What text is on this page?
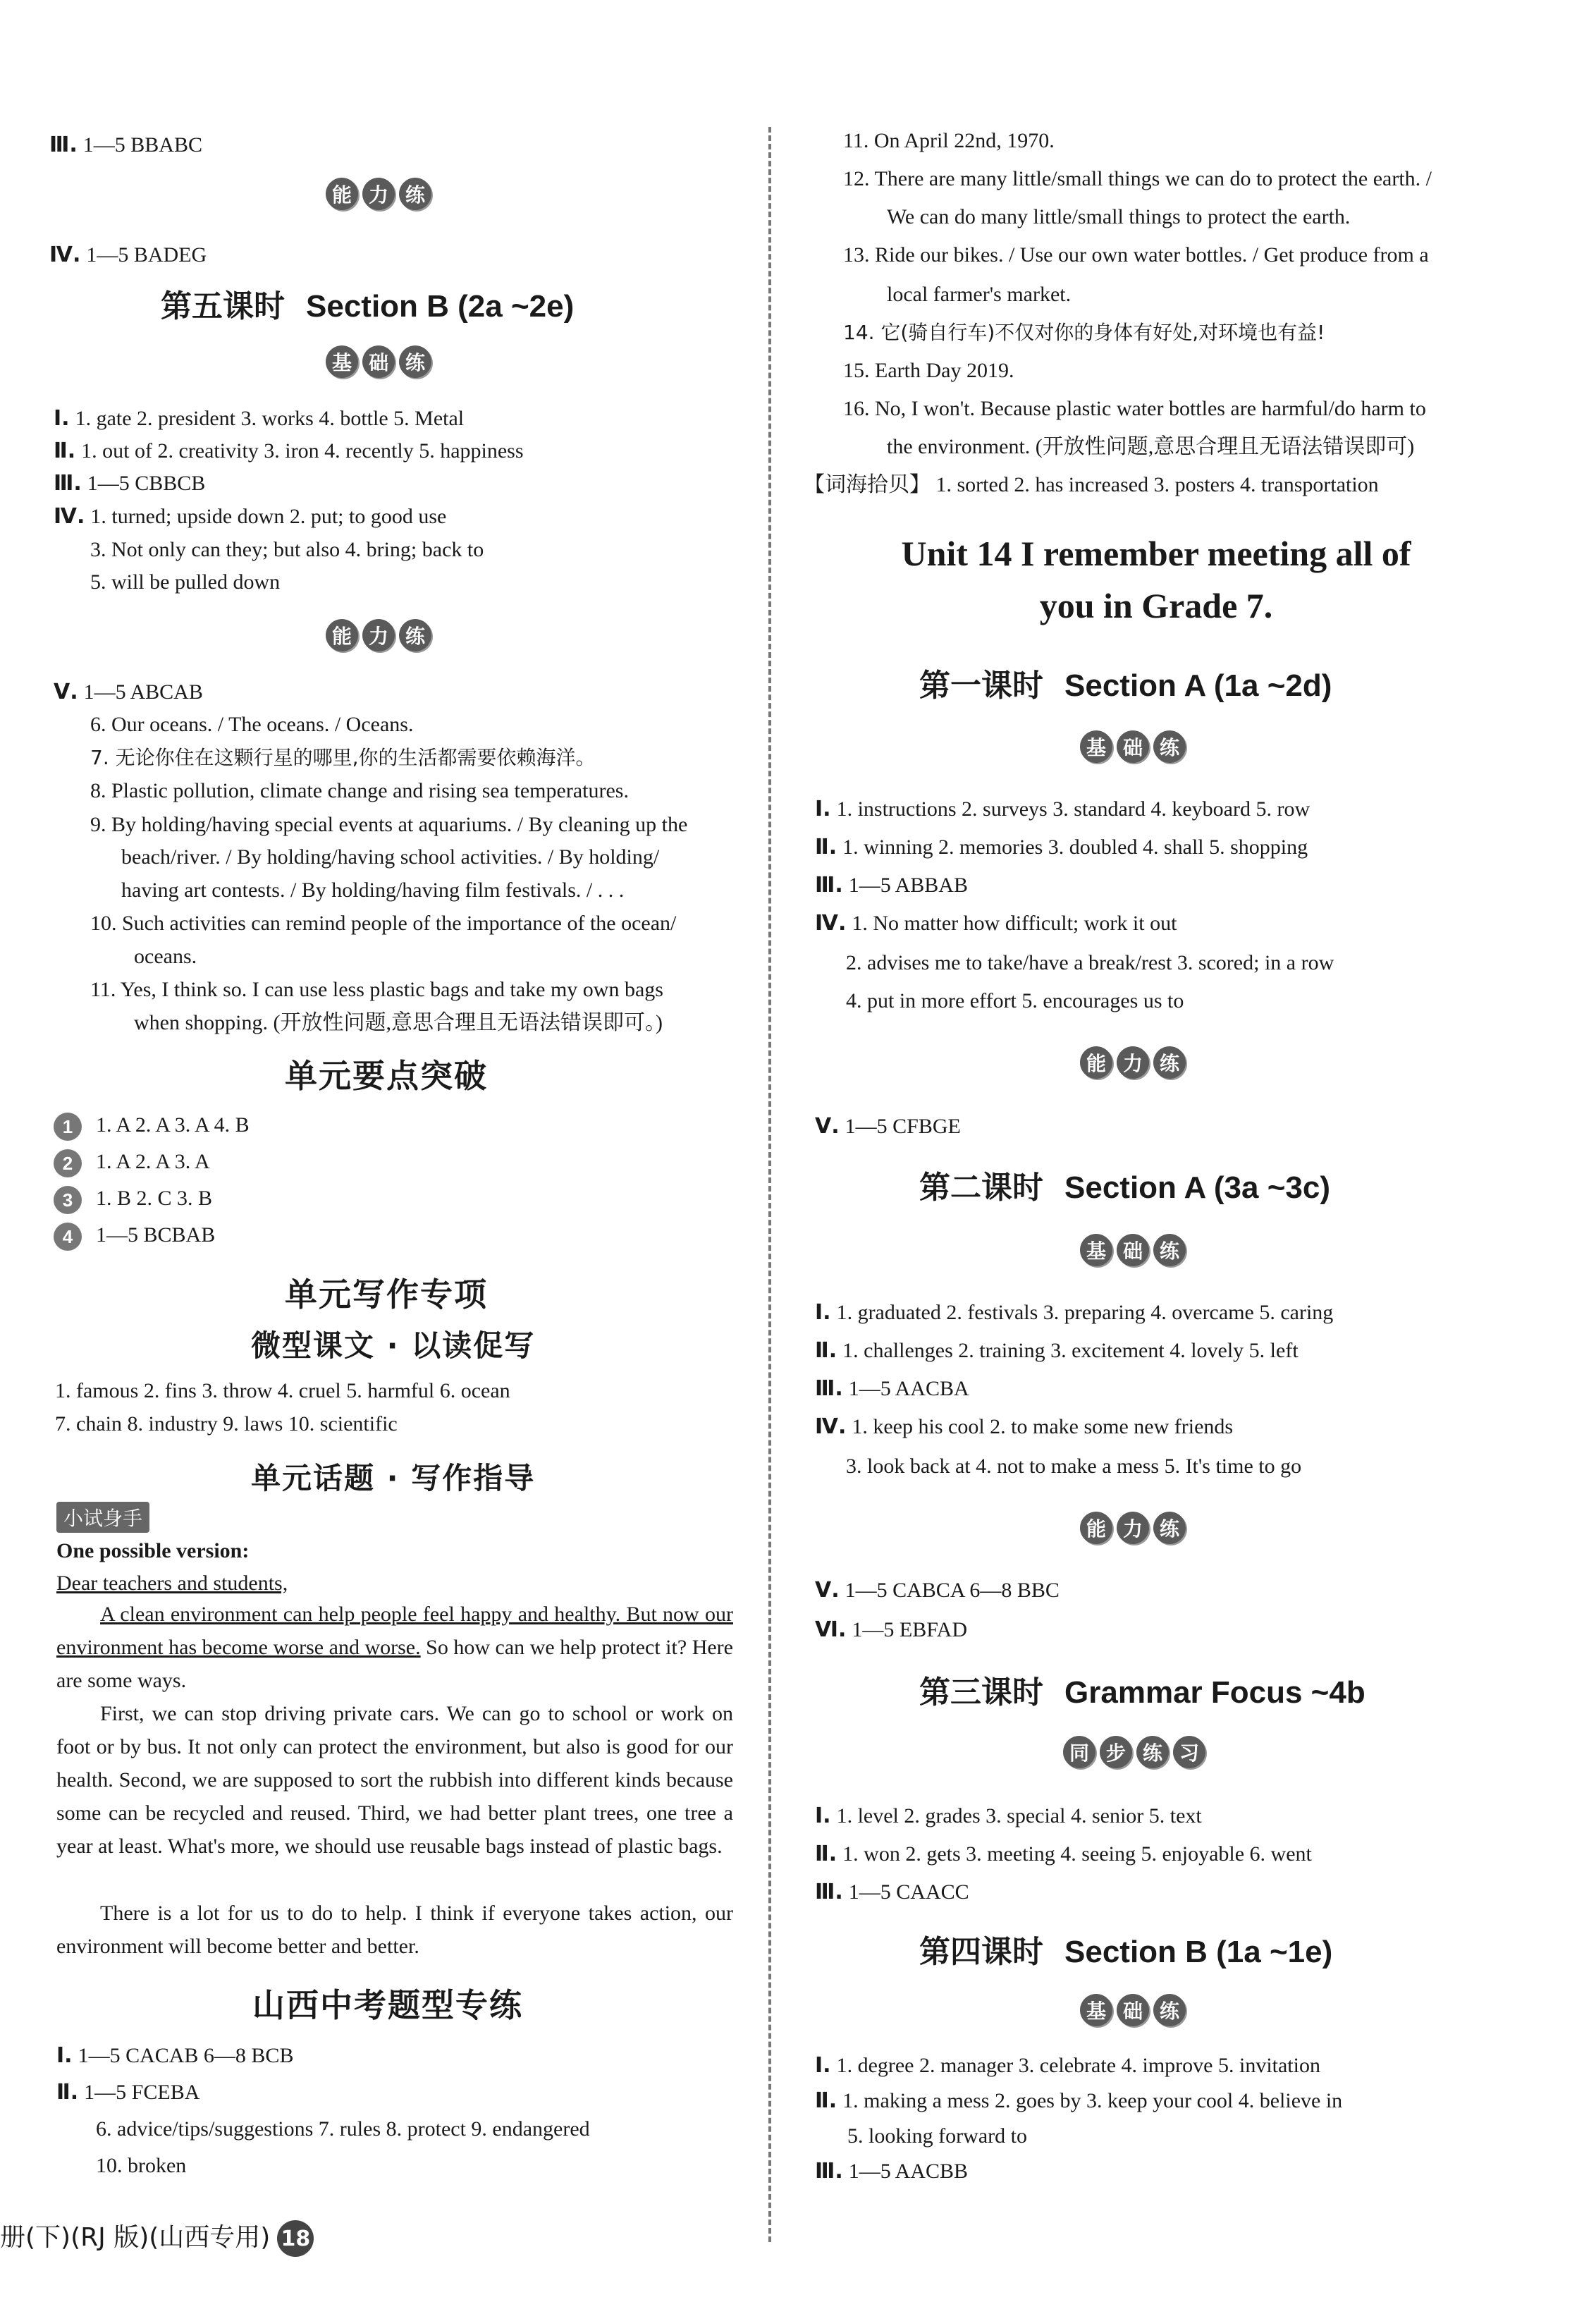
Ⅲ. 1—5 BBABC
能 力 练
Ⅳ. 1—5 BADEG
第五课时 Section B (2a ~2e)
基 础 练
Ⅰ. 1. gate 2. president 3. works 4. bottle 5. Metal
Ⅱ. 1. out of 2. creativity 3. iron 4. recently 5. happiness
Ⅲ. 1—5 CBBCB
Ⅳ. 1. turned; upside down 2. put; to good use
3. Not only can they; but also 4. bring; back to
5. will be pulled down
能 力 练
Ⅴ. 1—5 ABCAB
6. Our oceans. / The oceans. / Oceans.
7. 无论你住在这颗行星的哪里,你的生活都需要依赖海洋。
8. Plastic pollution, climate change and rising sea temperatures.
9. By holding/having special events at aquariums. / By cleaning up the
beach/river. / By holding/having school activities. / By holding/
having art contests. / By holding/having film festivals. / . . .
10. Such activities can remind people of the importance of the ocean/
oceans.
11. Yes, I think so. I can use less plastic bags and take my own bags
when shopping. (开放性问题,意思合理且无语法错误即可。)
单元要点突破
1 1. A 2. A 3. A 4. B
2 1. A 2. A 3. A
3 1. B 2. C 3. B
4 1—5 BCBAB
单元写作专项
微型课文 · 以读促写
1. famous 2. fins 3. throw 4. cruel 5. harmful 6. ocean
7. chain 8. industry 9. laws 10. scientific
单元话题 · 写作指导
小试身手
One possible version:
Dear teachers and students,
A clean environment can help people feel happy and healthy. But now our environment has become worse and worse. So how can we help protect it? Here are some ways.
First, we can stop driving private cars. We can go to school or work on foot or by bus. It not only can protect the environment, but also is good for our health. Second, we are supposed to sort the rubbish into different kinds because some can be recycled and reused. Third, we had better plant trees, one tree a year at least. What's more, we should use reusable bags instead of plastic bags.
There is a lot for us to do to help. I think if everyone takes action, our environment will become better and better.
山西中考题型专练
Ⅰ. 1—5 CACAB 6—8 BCB
Ⅱ. 1—5 FCEBA
6. advice/tips/suggestions 7. rules 8. protect 9. endangered
10. broken
11. On April 22nd, 1970.
12. There are many little/small things we can do to protect the earth. /
We can do many little/small things to protect the earth.
13. Ride our bikes. / Use our own water bottles. / Get produce from a
local farmer's market.
14. 它(骑自行车)不仅对你的身体有好处,对环境也有益!
15. Earth Day 2019.
16. No, I won't. Because plastic water bottles are harmful/do harm to
the environment. (开放性问题,意思合理且无语法错误即可)
【词海拾贝】 1. sorted 2. has increased 3. posters 4. transportation
Unit 14 I remember meeting all of
you in Grade 7.
第一课时 Section A (1a ~2d)
基 础 练
Ⅰ. 1. instructions 2. surveys 3. standard 4. keyboard 5. row
Ⅱ. 1. winning 2. memories 3. doubled 4. shall 5. shopping
Ⅲ. 1—5 ABBAB
Ⅳ. 1. No matter how difficult; work it out
2. advises me to take/have a break/rest 3. scored; in a row
4. put in more effort 5. encourages us to
能 力 练
Ⅴ. 1—5 CFBGE
第二课时 Section A (3a ~3c)
基 础 练
Ⅰ. 1. graduated 2. festivals 3. preparing 4. overcame 5. caring
Ⅱ. 1. challenges 2. training 3. excitement 4. lovely 5. left
Ⅲ. 1—5 AACBA
Ⅳ. 1. keep his cool 2. to make some new friends
3. look back at 4. not to make a mess 5. It's time to go
能 力 练
Ⅴ. 1—5 CABCA 6—8 BBC
Ⅵ. 1—5 EBFAD
第三课时 Grammar Focus ~4b
同 步 练 习
Ⅰ. 1. level 2. grades 3. special 4. senior 5. text
Ⅱ. 1. won 2. gets 3. meeting 4. seeing 5. enjoyable 6. went
Ⅲ. 1—5 CAACC
第四课时 Section B (1a ~1e)
基 础 练
Ⅰ. 1. degree 2. manager 3. celebrate 4. improve 5. invitation
Ⅱ. 1. making a mess 2. goes by 3. keep your cool 4. believe in
5. looking forward to
Ⅲ. 1—5 AACBB
册(下)(RJ 版)(山西专用) 18
